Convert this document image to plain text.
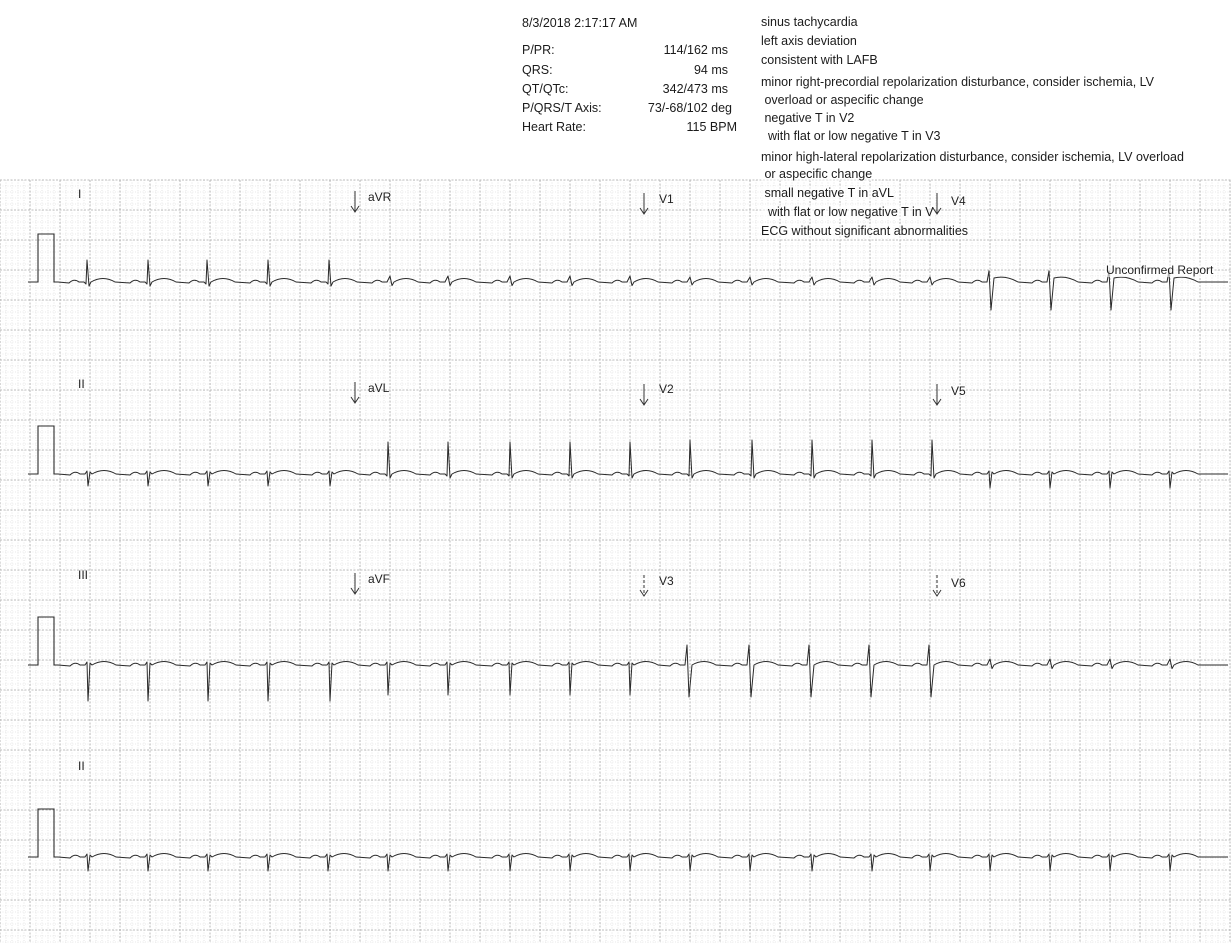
8/3/2018 2:17:17 AM
P/PR:	114/162 ms
QRS:	94 ms
QT/QTc:	342/473 ms
P/QRS/T Axis:	73/-68/102 deg
Heart Rate:	115 BPM
sinus tachycardia
left axis deviation
consistent with LAFB
minor right-precordial repolarization disturbance, consider ischemia, LV
overload or aspecific change
negative T in V2
with flat or low negative T in V3
minor high-lateral repolarization disturbance, consider ischemia, LV overload
or aspecific change
small negative T in aVL
with flat or low negative T in V
ECG without significant abnormalities
Unconfirmed Report
I	aVR	V1	V4
II	aVL	V2	V5
III	aVF	V3	V6
II
